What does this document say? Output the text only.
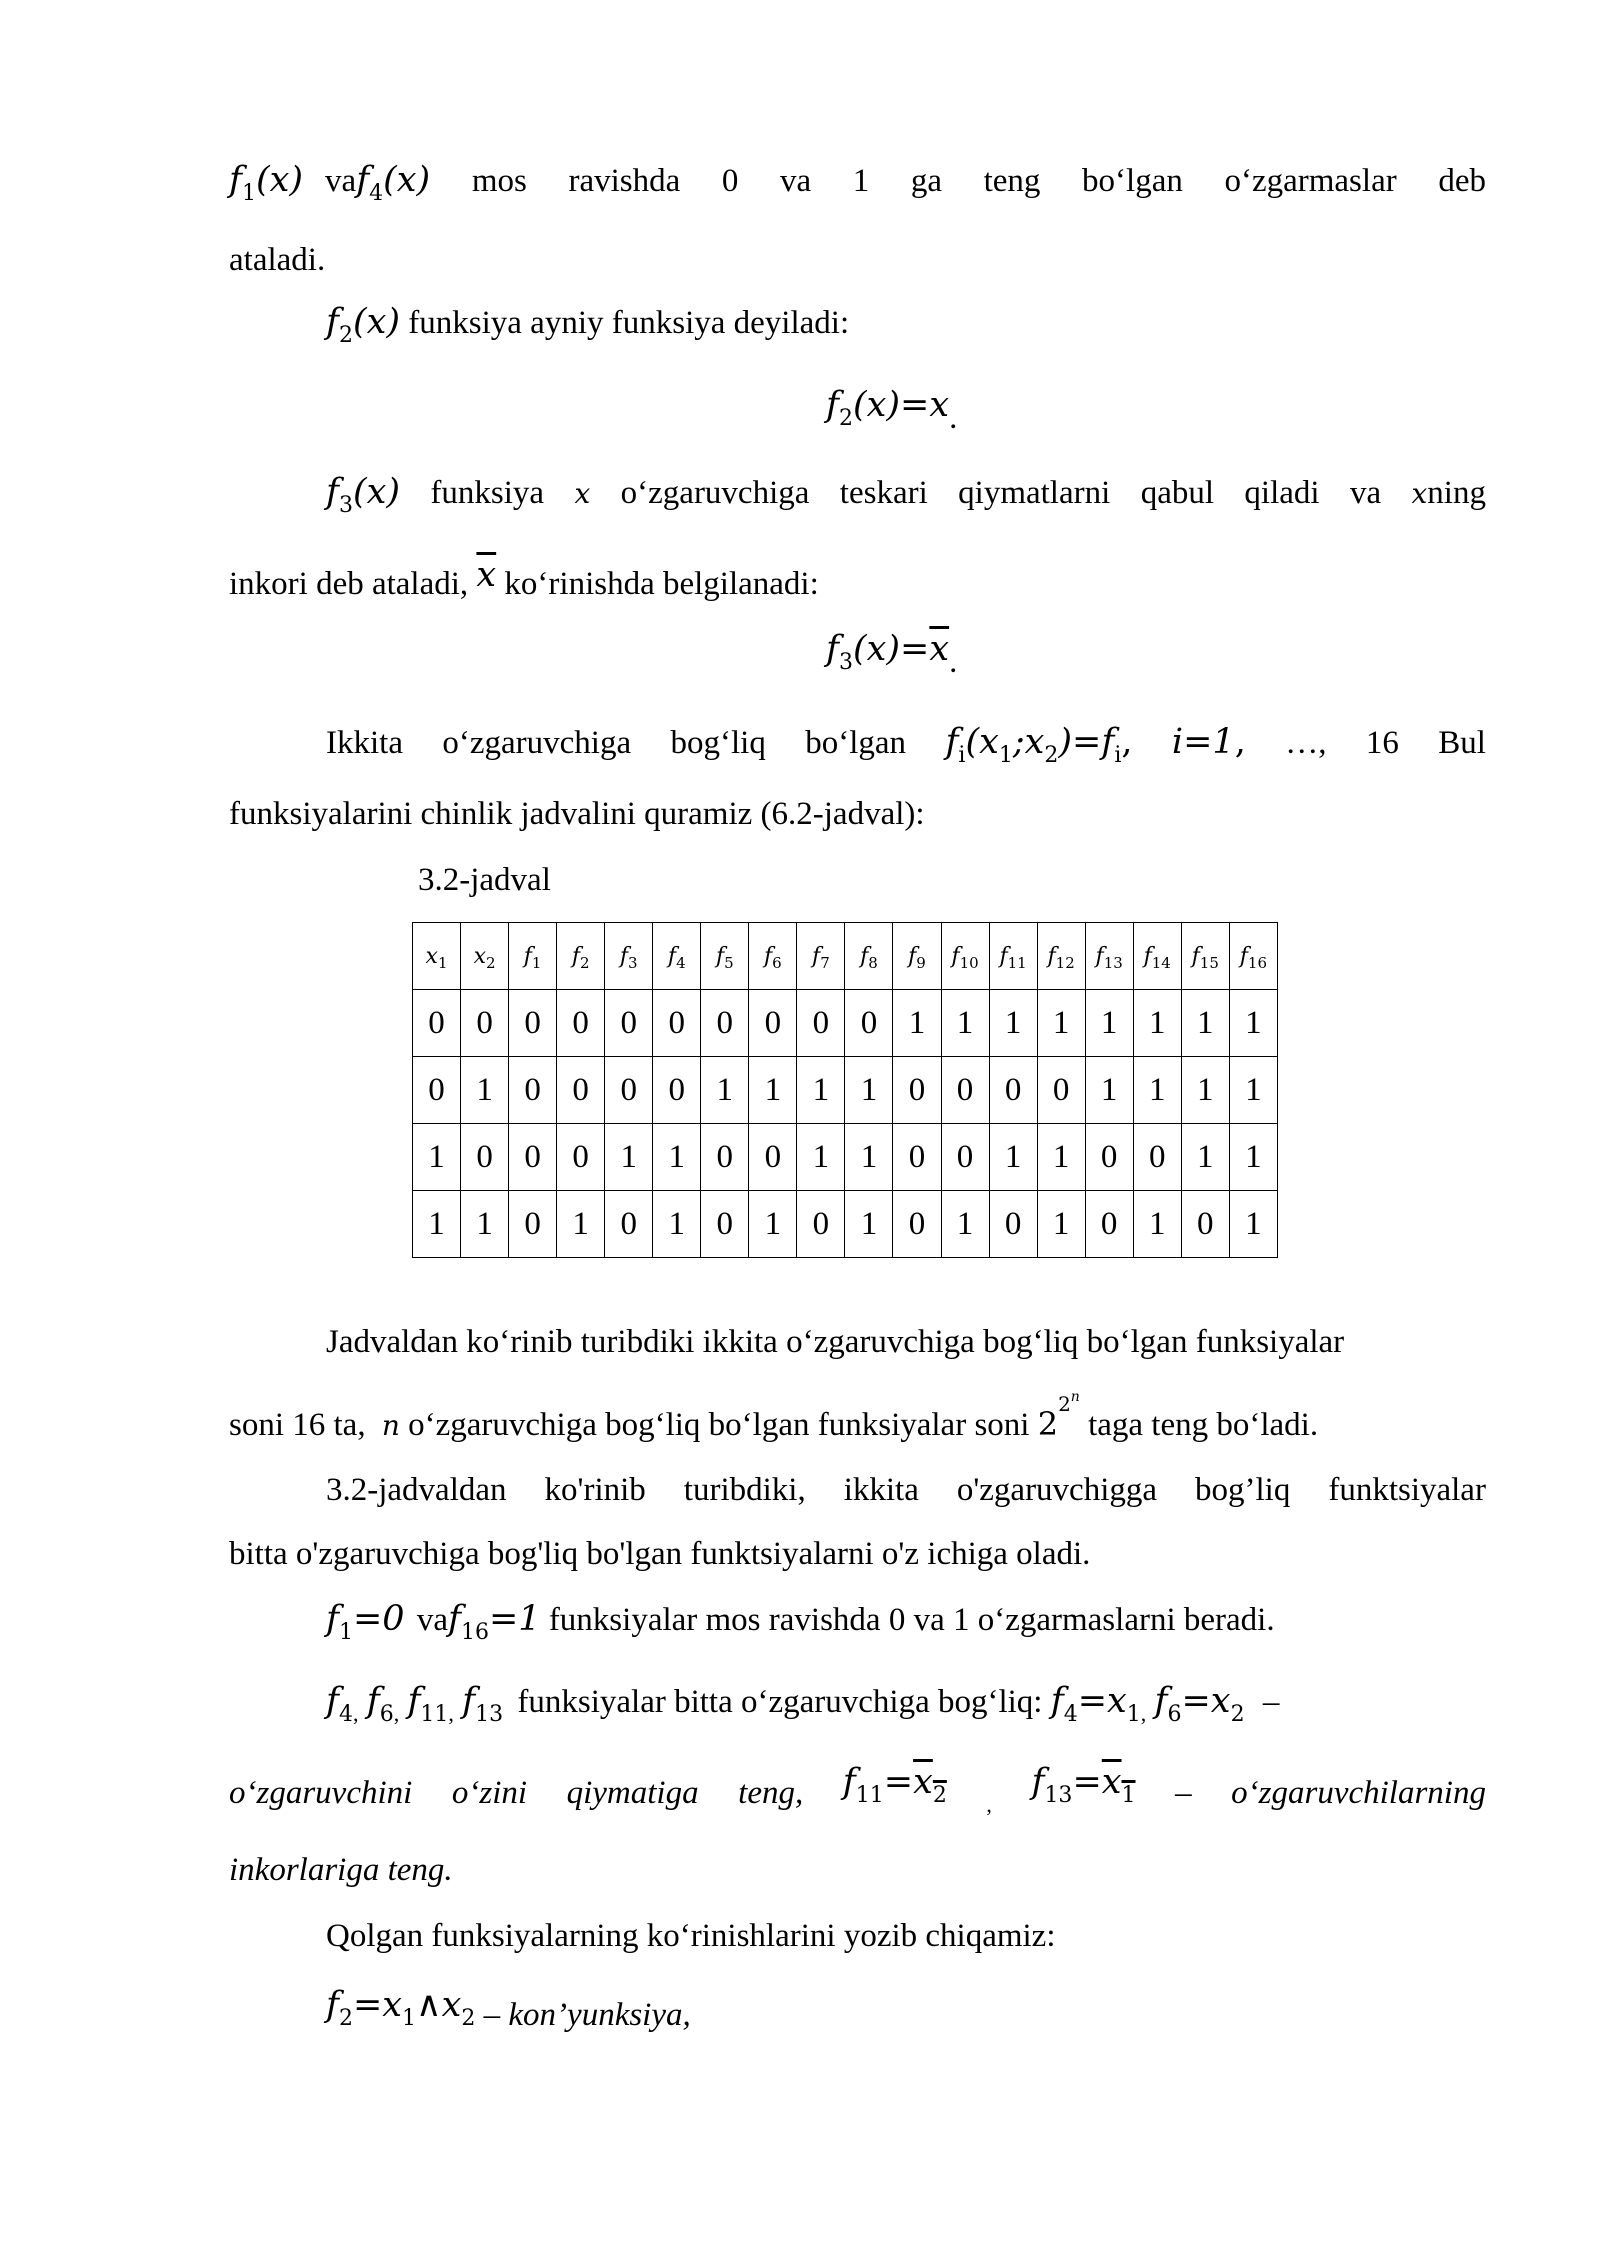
$f_1(x)$ va $f_4(x)$ mos ravishda 0 va 1 ga teng bo‘lgan o‘zgarmaslar deb
ataladi.
$f_2(x)$ funksiya ayniy funksiya deyiladi:
$f_2(x)=x$.
$f_3(x)$ funksiya x o‘zgaruvchiga teskari qiymatlarni qabul qiladi va xning
inkori deb ataladi, $\overline{x}$ ko‘rinishda belgilanadi:
$f_3(x)=\overline{x}$.
Ikkita o‘zgaruvchiga bog‘liq bo‘lgan $f_i(x_1;x_2)=f_i$, i=1, …, 16 Bul
funksiyalarini chinlik jadvalini quramiz (6.2-jadval):
3.2-jadval
$x_1$	$x_2$	$f_1$	$f_2$	$f_3$	$f_4$	$f_5$	$f_6$	$f_7$	$f_8$	$f_9$	$f_{10}$	$f_{11}$	$f_{12}$	$f_{13}$	$f_{14}$	$f_{15}$	$f_{16}$
0	0	0	0	0	0	0	0	0	0	1	1	1	1	1	1	1	1
0	1	0	0	0	0	1	1	1	1	0	0	0	0	1	1	1	1
1	0	0	0	1	1	0	0	1	1	0	0	1	1	0	0	1	1
1	1	0	1	0	1	0	1	0	1	0	1	0	1	0	1	0	1
Jadvaldan ko‘rinib turibdiki ikkita o‘zgaruvchiga bog‘liq bo‘lgan funksiyalar
soni 16 ta, n o‘zgaruvchiga bog‘liq bo‘lgan funksiyalar soni $2^{2n}$ taga teng bo‘ladi.
3.2-jadvaldan ko'rinib turibdiki, ikkita o'zgaruvchigga bog’liq funktsiyalar
bitta o'zgaruvchiga bog'liq bo'lgan funktsiyalarni o'z ichiga oladi.
$f_1=0$ vaf$_{16}$=1 funksiyalar mos ravishda 0 va 1 o‘zgarmaslarni beradi.
$f_{4,}$ $f_{6,}$ $f_{11,}$ $f_{13}$ funksiyalar bitta o‘zgaruvchiga bog‘liq: $f_4=x_{1,}$ $f_6=x_2$ –
o‘zgaruvchini o‘zini qiymatiga teng, $f_{11}=x_2$ ,
$f_{13}=x_1$ – o‘zgaruvchilarning
inkorlariga teng.
Qolgan funksiyalarning ko‘rinishlarini yozib chiqamiz:
$f_2=x_1\wedge x_2$ – kon’yunksiya,
